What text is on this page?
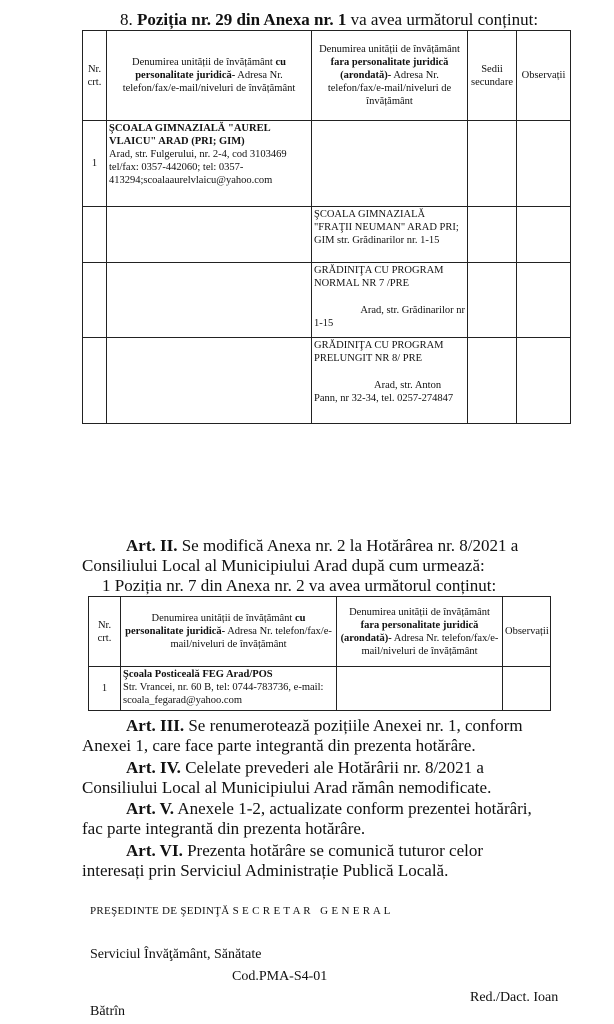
8. Poziția nr. 29 din Anexa nr. 1 va avea următorul conținut:
Nr. crt.	Denumirea unității de învățământ cu personalitate juridică- Adresa Nr. telefon/fax/e-mail/niveluri de învățământ	Denumirea unității de învățământ fara personalitate juridică (arondată)- Adresa Nr. telefon/fax/e-mail/niveluri de învățământ	Sedii secundare	Observații
1	ŞCOALA GIMNAZIALĂ "AUREL VLAICU" ARAD (PRI; GIM)
Arad, str. Fulgerului, nr. 2-4, cod 3103469 tel/fax: 0357-442060; tel: 0357-413294;scoalaaurelvlaicu@yahoo.com			

		ŞCOALA GIMNAZIALĂ "FRAŢII NEUMAN" ARAD PRI; GIM str. Grădinarilor nr. 1-15		

		GRĂDINIŢA CU PROGRAM NORMAL NR 7 /PRE
Arad, str. Grădinarilor nr
1-15		

		GRĂDINIŢA CU PROGRAM PRELUNGIT NR 8/ PRE
Arad, str. Anton Pann, nr 32-34, tel. 0257-274847		

Art. II. Se modifică Anexa nr. 2 la Hotărârea nr. 8/2021 a
Consiliului Local al Municipiului Arad după cum urmează:
1 Poziția nr. 7 din Anexa nr. 2 va avea următorul conținut:
Nr. crt.	Denumirea unității de învățământ cu personalitate juridică- Adresa Nr. telefon/fax/e-mail/niveluri de învățământ	Denumirea unității de învățământ fara personalitate juridică (arondată)- Adresa Nr. telefon/fax/e-mail/niveluri de învățământ	Observații
1	Şcoala Posticeală FEG Arad/POS
Str. Vrancei, nr. 60 B, tel: 0744-783736, e-mail: scoala_fegarad@yahoo.com		

Art. III. Se renumerotează pozițiile Anexei nr. 1, conform
Anexei 1, care face parte integrantă din prezenta hotărâre.
Art. IV. Celelate prevederi ale Hotărârii nr. 8/2021 a
Consiliului Local al Municipiului Arad rămân nemodificate.
Art. V. Anexele 1-2, actualizate conform prezentei hotărâri,
fac parte integrantă din prezenta hotărâre.
Art. VI. Prezenta hotărâre se comunică tuturor celor
interesați prin Serviciul Administrație Publică Locală.
PREŞEDINTE DE ŞEDINŢĂ S E C R E T A R   G E N E R A L
Serviciul Învăţământ, Sănătate
Cod.PMA-S4-01
Red./Dact. Ioan
Bătrîn
